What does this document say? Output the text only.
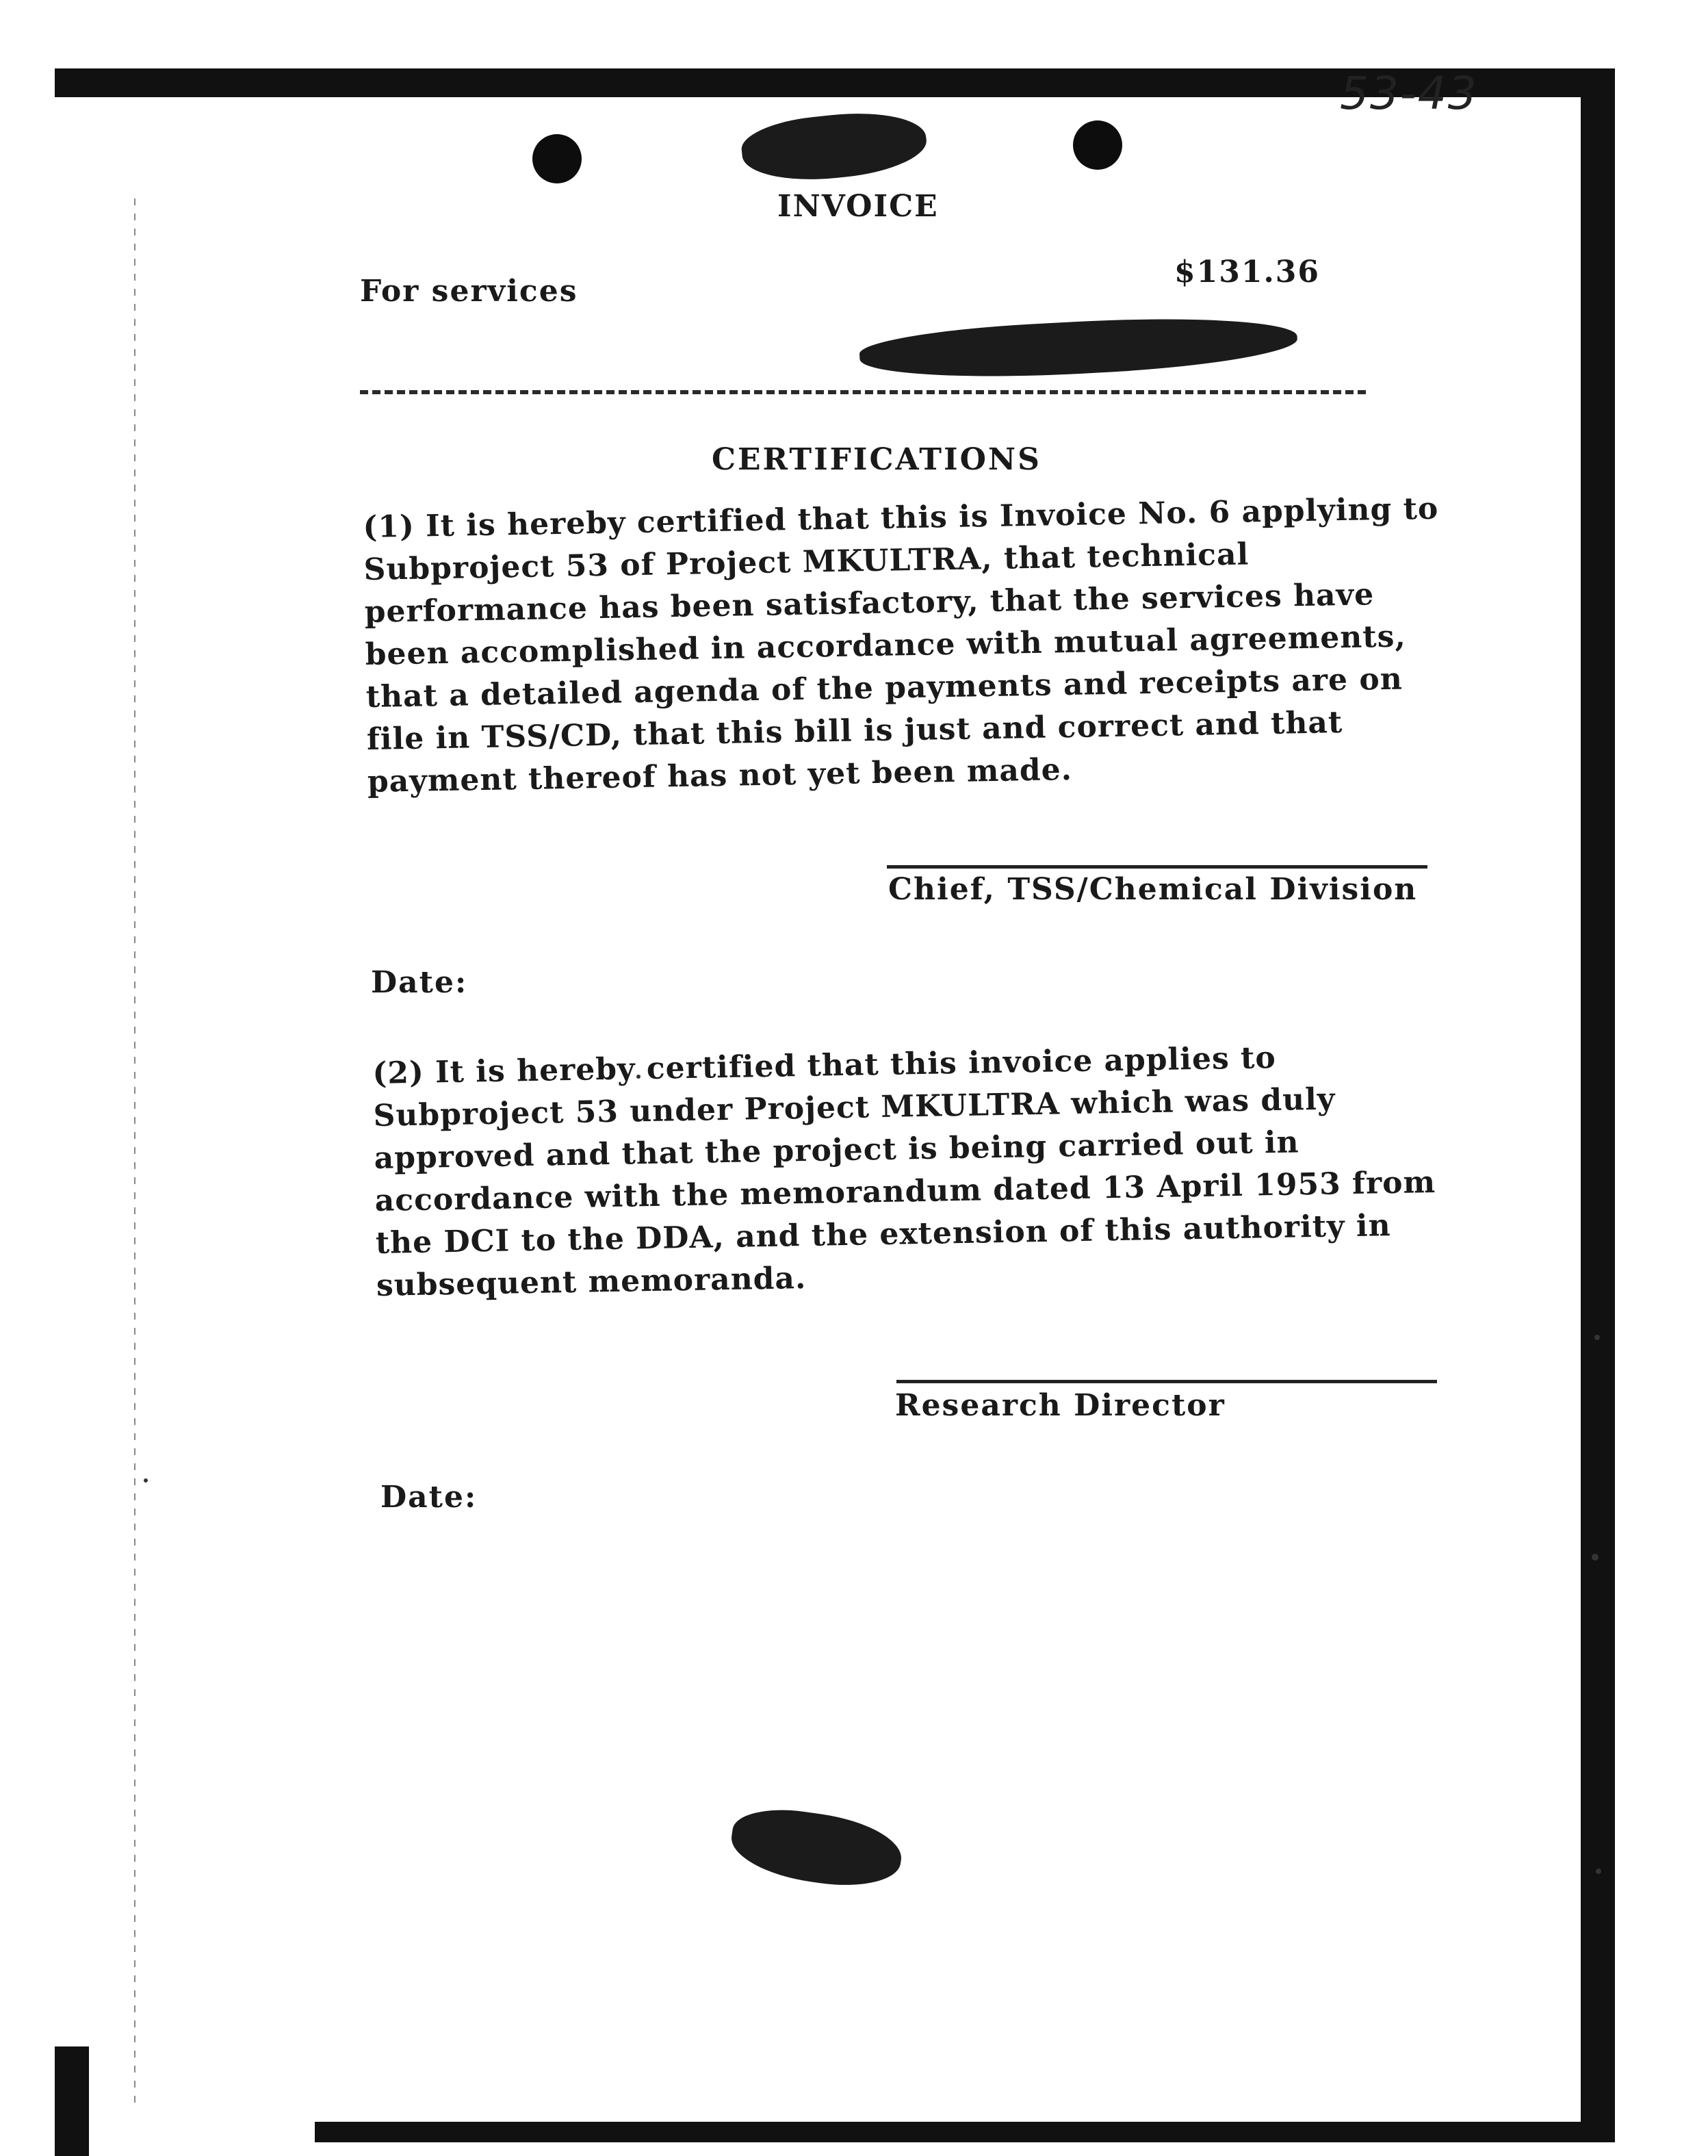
53-43
INVOICE
For services
$131.36
CERTIFICATIONS
(1) It is hereby certified that this is Invoice No. 6 applying to Subproject 53 of Project MKULTRA, that technical performance has been satisfactory, that the services have been accomplished in accordance with mutual agreements, that a detailed agenda of the payments and receipts are on file in TSS/CD, that this bill is just and correct and that payment thereof has not yet been made.
Chief, TSS/Chemical Division
Date:
(2) It is hereby certified that this invoice applies to Subproject 53 under Project MKULTRA which was duly approved and that the project is being carried out in accordance with the memorandum dated 13 April 1953 from the DCI to the DDA, and the extension of this authority in subsequent memoranda.
Research Director
Date:
